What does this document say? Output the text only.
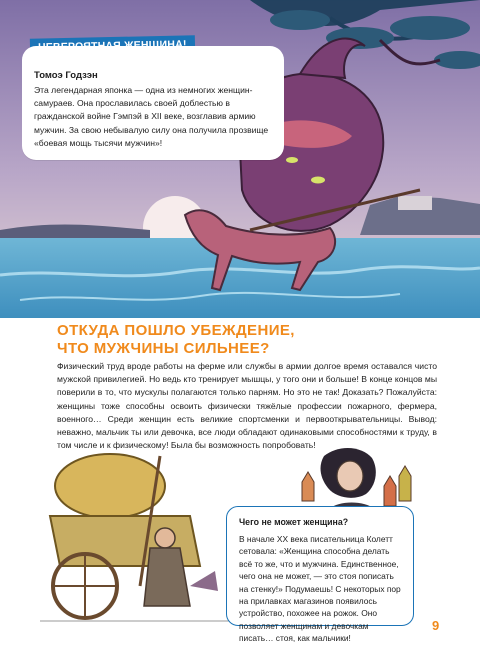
Томоэ Годзэн
Эта легендарная японка — одна из немногих женщин-самураев. Она прославилась своей доблестью в гражданской войне Гэмпэй в XII веке, возглавив армию мужчин. За свою небывалую силу она получила прозвище «боевая мощь тысячи мужчин»!
ОТКУДА ПОШЛО УБЕЖДЕНИЕ,
ЧТО МУЖЧИНЫ СИЛЬНЕЕ?
Физический труд вроде работы на ферме или службы в армии долгое время оставался чисто мужской привилегией. Но ведь кто тренирует мышцы, у того они и больше! В конце концов мы поверили в то, что мускулы полагаются только парням. Но это не так! Доказать? Пожалуйста: женщины тоже способны освоить физически тяжёлые профессии пожарного, фермера, военного… Среди женщин есть великие спортсменки и первооткрывательницы. Вывод: неважно, мальчик ты или девочка, все люди обладают одинаковыми способностями к труду, в том числе и к физическому! Была бы возможность попробовать!
Чего не может женщина?
В начале XX века писательница Колетт сетовала: «Женщина способна делать всё то же, что и мужчина. Единственное, чего она не может, — это стоя пописать на стенку!» Подумаешь! С некоторых пор на прилавках магазинов появилось устройство, похожее на рожок. Оно позволяет женщинам и девочкам писать… стоя, как мальчики!
9
